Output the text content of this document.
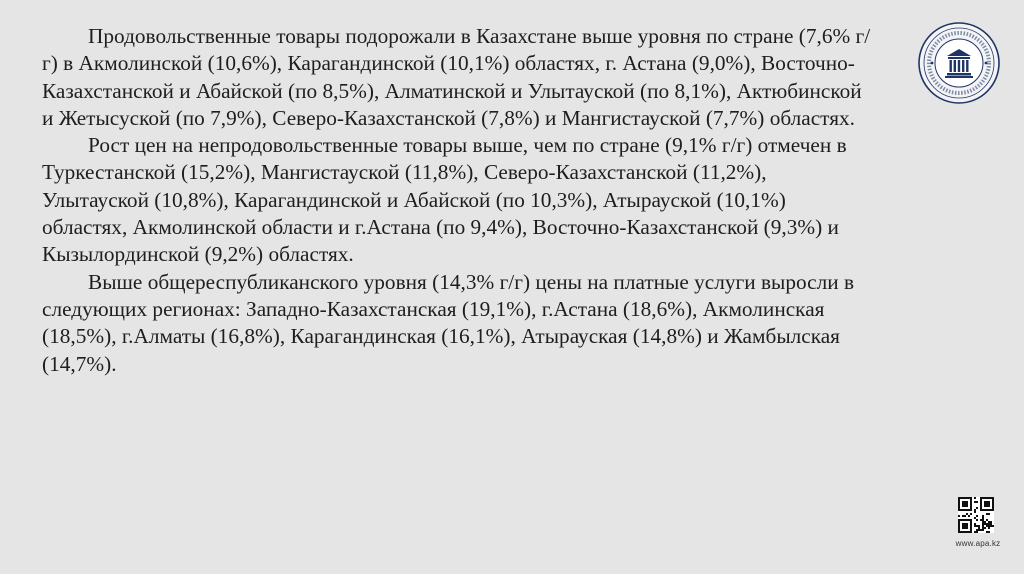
Продовольственные товары подорожали в Казахстане выше уровня по стране (7,6% г/г) в Акмолинской (10,6%), Карагандинской (10,1%) областях, г. Астана (9,0%), Восточно-Казахстанской и Абайской (по 8,5%), Алматинской и Улытауской (по 8,1%), Актюбинской и Жетысуской (по 7,9%), Северо-Казахстанской (7,8%) и Мангистауской (7,7%) областях.

Рост цен на непродовольственные товары выше, чем по стране (9,1% г/г) отмечен в Туркестанской (15,2%), Мангистауской (11,8%), Северо-Казахстанской (11,2%), Улытауской (10,8%), Карагандинской и Абайской (по 10,3%), Атырауской (10,1%) областях, Акмолинской области и г.Астана (по 9,4%), Восточно-Казахстанской (9,3%) и Кызылординской (9,2%) областях.

Выше общереспубликанского уровня (14,3% г/г) цены на платные услуги выросли в следующих регионах: Западно-Казахстанская (19,1%), г.Астана (18,6%), Акмолинская (18,5%), г.Алматы (16,8%), Карагандинская (16,1%), Атырауская (14,8%) и Жамбылская (14,7%).

www.apa.kz
